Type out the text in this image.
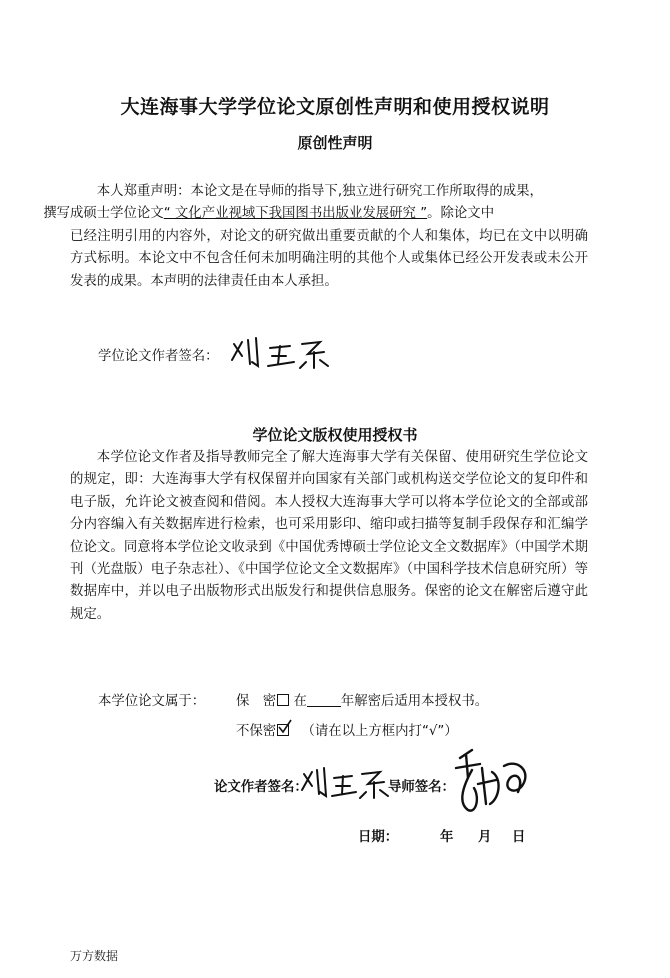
大连海事大学学位论文原创性声明和使用授权说明
原创性声明
本人郑重声明：本论文是在导师的指导下,独立进行研究工作所取得的成果，
撰写成硕士学位论文“ 文化产业视域下我国图书出版业发展研究 ”。除论文中

已经注明引用的内容外，对论文的研究做出重要贡献的个人和集体，均已在文中以明确方式标明。本论文中不包含任何未加明确注明的其他个人或集体已经公开发表或未公开发表的成果。本声明的法律责任由本人承担。
学位论文作者签名：
学位论文版权使用授权书
本学位论文作者及指导教师完全了解大连海事大学有关保留、使用研究生学位论文的规定，即：大连海事大学有权保留并向国家有关部门或机构送交学位论文的复印件和电子版，允许论文被查阅和借阅。本人授权大连海事大学可以将本学位论文的全部或部分内容编入有关数据库进行检索，也可采用影印、缩印或扫描等复制手段保存和汇编学位论文。同意将本学位论文收录到《中国优秀博硕士学位论文全文数据库》（中国学术期刊（光盘版）电子杂志社）、《中国学位论文全文数据库》（中国科学技术信息研究所）等数据库中，并以电子出版物形式出版发行和提供信息服务。保密的论文在解密后遵守此规定。
本学位论文属于： 保　密 在	年解密后适用本授权书。
不保密 （请在以上方框内打“√”）
论文作者签名：	导师签名：
日期：	年 月 日
万方数据
